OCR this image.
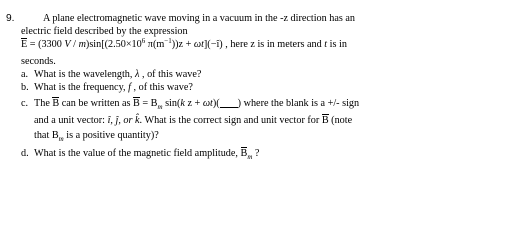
9.	A plane electromagnetic wave moving in a vacuum in the -z direction has an
electric field described by the expression
E = (3300 $V / m)\sin[(2.50\times 10^6$ $\pi(m^{-1}))z$ + ωt](−î) , here z is in meters and t is in
seconds.
a. What is the wavelength, λ , of this wave?
b. What is the frequency, f , of this wave?
c. The B can be written as $B = B_m$ sin(k z + ωt)( ) where the blank is a +/- sign
and a unit vector: î, ĵ, or k̂. What is the correct sign and unit vector for B (note
that $B_m$ is a positive quantity)?
d. What is the value of the magnetic field amplitude, $B_m$ ?
